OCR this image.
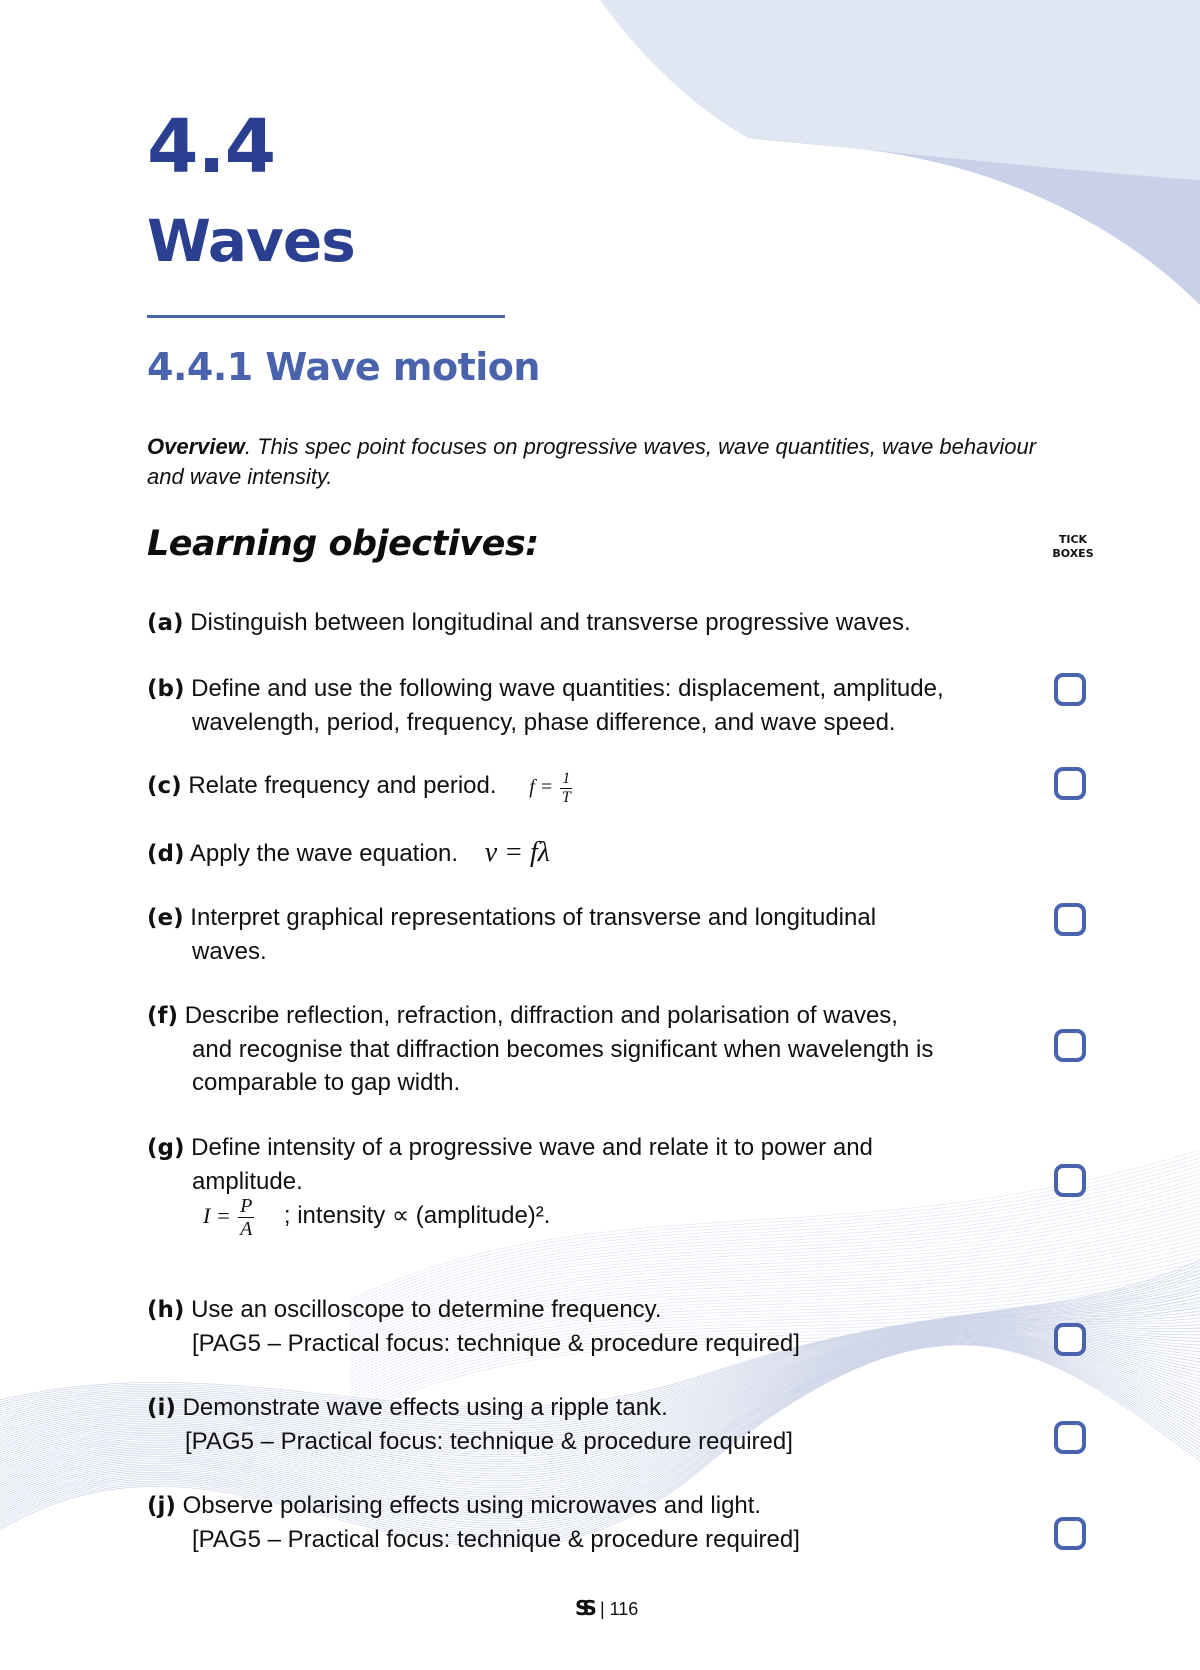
4.4
Waves
4.4.1 Wave motion

Overview. This spec point focuses on progressive waves, wave quantities, wave behaviour and wave intensity.

Learning objectives:	TICK
BOXES
(a) Distinguish between longitudinal and transverse progressive waves.
(b) Define and use the following wave quantities: displacement, amplitude,
wavelength, period, frequency, phase difference, and wave speed.
(c) Relate frequency and period. $f = \frac{1}{T}$
(d) Apply the wave equation. v = fλ
(e) Interpret graphical representations of transverse and longitudinal
waves.
(f) Describe reflection, refraction, diffraction and polarisation of waves,
and recognise that diffraction becomes significant when wavelength is
comparable to gap width.
(g) Define intensity of a progressive wave and relate it to power and
amplitude.
$I = \frac{P}{A}$ ; intensity ∝ (amplitude)².
(h) Use an oscilloscope to determine frequency.
[PAG5 – Practical focus: technique & procedure required]
(i) Demonstrate wave effects using a ripple tank.
[PAG5 – Practical focus: technique & procedure required]
(j) Observe polarising effects using microwaves and light.
[PAG5 – Practical focus: technique & procedure required]
SS | 116
